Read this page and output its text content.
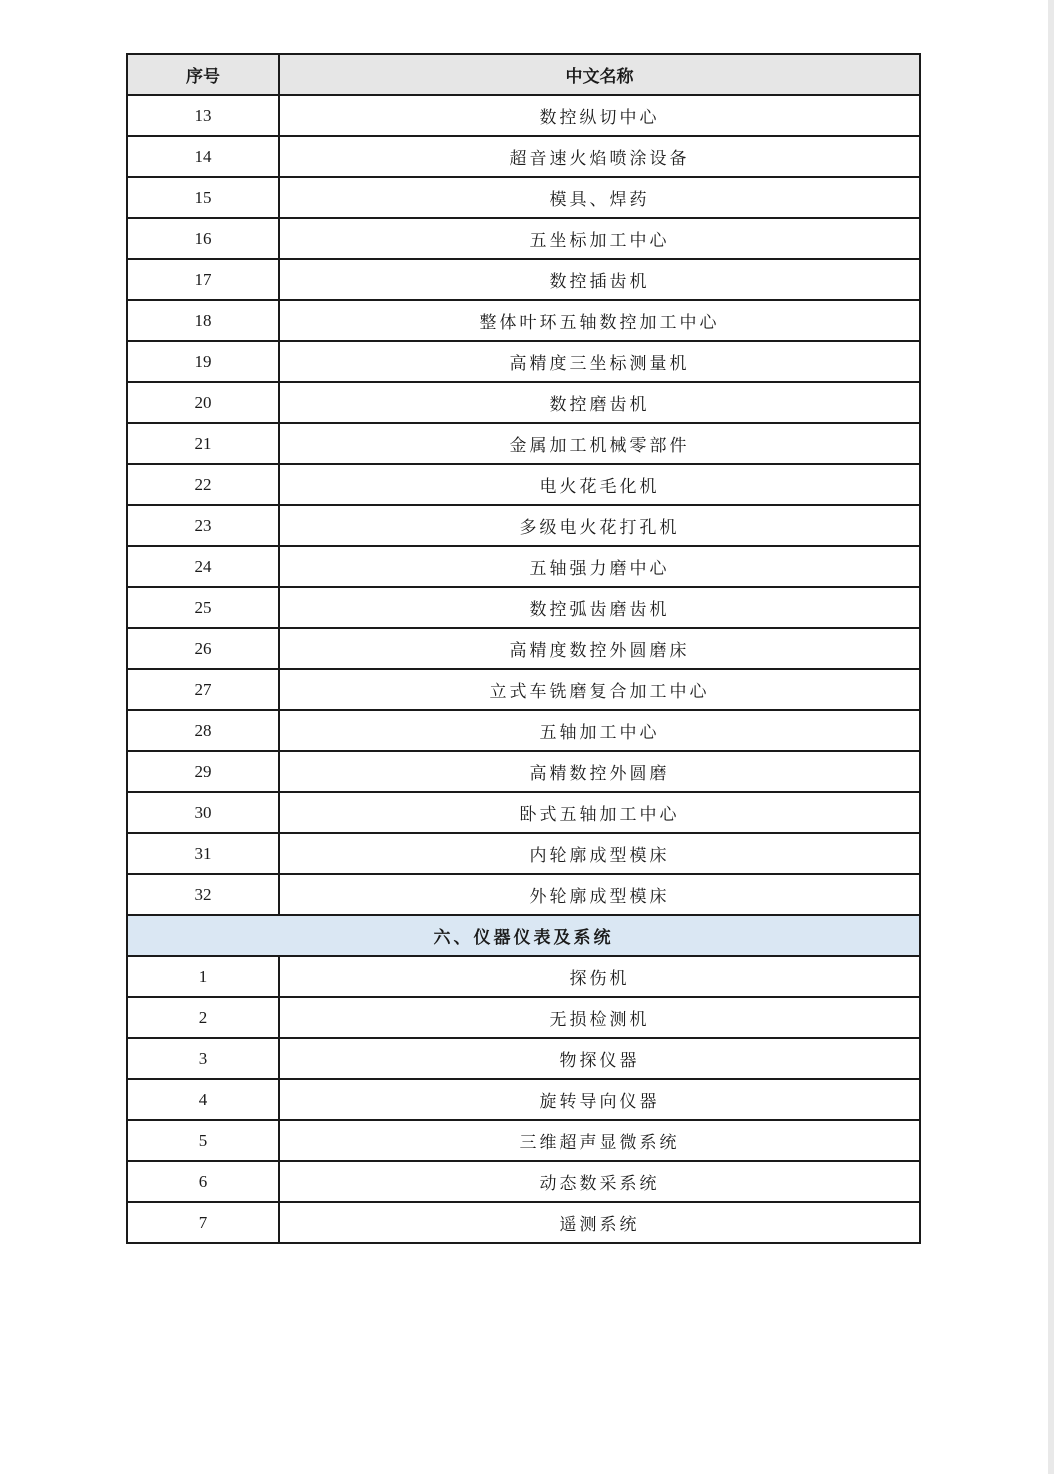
序号	中文名称
13	数控纵切中心
14	超音速火焰喷涂设备
15	模具、焊药
16	五坐标加工中心
17	数控插齿机
18	整体叶环五轴数控加工中心
19	高精度三坐标测量机
20	数控磨齿机
21	金属加工机械零部件
22	电火花毛化机
23	多级电火花打孔机
24	五轴强力磨中心
25	数控弧齿磨齿机
26	高精度数控外圆磨床
27	立式车铣磨复合加工中心
28	五轴加工中心
29	高精数控外圆磨
30	卧式五轴加工中心
31	内轮廓成型模床
32	外轮廓成型模床
六、仪器仪表及系统	
1	探伤机
2	无损检测机
3	物探仪器
4	旋转导向仪器
5	三维超声显微系统
6	动态数采系统
7	遥测系统
